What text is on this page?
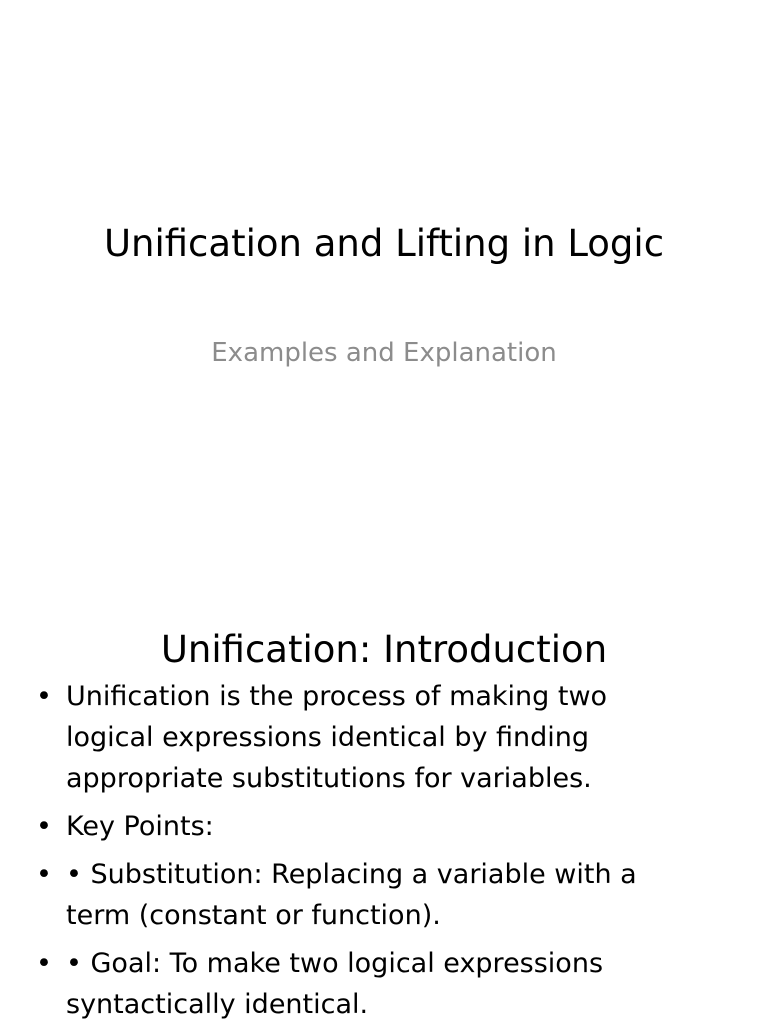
Unification and Lifting in Logic
Examples and Explanation
Unification: Introduction
• Unification is the process of making two
logical expressions identical by finding
appropriate substitutions for variables.
• Key Points:
• • Substitution: Replacing a variable with a
term (constant or function).
• • Goal: To make two logical expressions
syntactically identical.
